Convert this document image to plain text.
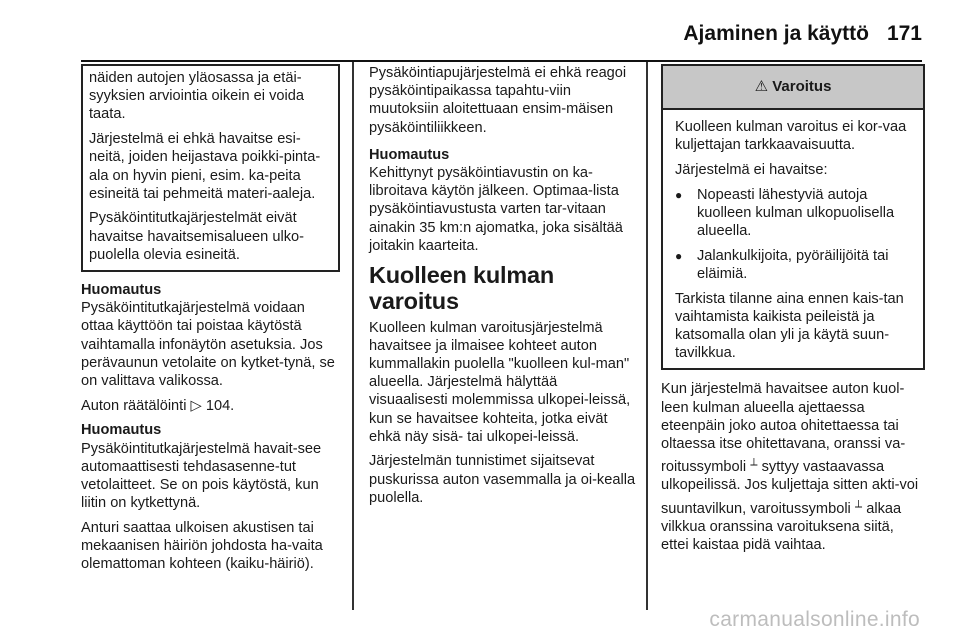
Ajaminen ja käyttö 171

näiden autojen yläosassa ja etäi-syyksien arviointia oikein ei voida taata.

Järjestelmä ei ehkä havaitse esi-neitä, joiden heijastava poikki-pinta-ala on hyvin pieni, esim. ka-peita esineitä tai pehmeitä materi-aaleja.

Pysäköintitutkajärjestelmät eivät havaitse havaitsemisalueen ulko-puolella olevia esineitä.

Huomautus

Pysäköintitutkajärjestelmä voidaan ottaa käyttöön tai poistaa käytöstä vaihtamalla infonäytön asetuksia. Jos perävaunun vetolaite on kytket-tynä, se on valittava valikossa.

Auton räätälöinti ▷ 104.

Huomautus

Pysäköintitutkajärjestelmä havait-see automaattisesti tehdasasenne-tut vetolaitteet. Se on pois käytöstä, kun liitin on kytkettynä.

Anturi saattaa ulkoisen akustisen tai mekaanisen häiriön johdosta ha-vaita olemattoman kohteen (kaiku-häiriö).

Pysäköintiapujärjestelmä ei ehkä reagoi pysäköintipaikassa tapahtu-viin muutoksiin aloitettuaan ensim-mäisen pysäköintiliikkeen.

Huomautus

Kehittynyt pysäköintiavustin on ka-libroitava käytön jälkeen. Optimaa-lista pysäköintiavustusta varten tar-vitaan ainakin 35 km:n ajomatka, joka sisältää joitakin kaarteita.

Kuolleen kulman varoitus

Kuolleen kulman varoitusjärjestelmä havaitsee ja ilmaisee kohteet auton kummallakin puolella "kuolleen kul-man" alueella. Järjestelmä hälyttää visuaalisesti molemmissa ulkopei-leissä, kun se havaitsee kohteita, jotka eivät ehkä näy sisä- tai ulkopei-leissä.

Järjestelmän tunnistimet sijaitsevat puskurissa auton vasemmalla ja oi-kealla puolella.

⚠ Varoitus

Kuolleen kulman varoitus ei kor-vaa kuljettajan tarkkaavaisuutta.

Järjestelmä ei havaitse:

●	Nopeasti lähestyviä autoja kuolleen kulman ulkopuolisella alueella.
●	Jalankulkijoita, pyöräilijöitä tai eläimiä.

Tarkista tilanne aina ennen kais-tan vaihtamista kaikista peileistä ja katsomalla olan yli ja käytä suun-tavilkkua.

Kun järjestelmä havaitsee auton kuol-leen kulman alueella ajettaessa eteenpäin joko autoa ohitettaessa tai oltaessa itse ohitettavana, oranssi va-roitussymboli ⟂ syttyy vastaavassa ulkopeilissä. Jos kuljettaja sitten akti-voi suuntavilkun, varoitussymboli ⟂ alkaa vilkkua oranssina varoituksena siitä, ettei kaistaa pidä vaihtaa.

carmanualsonline.info
